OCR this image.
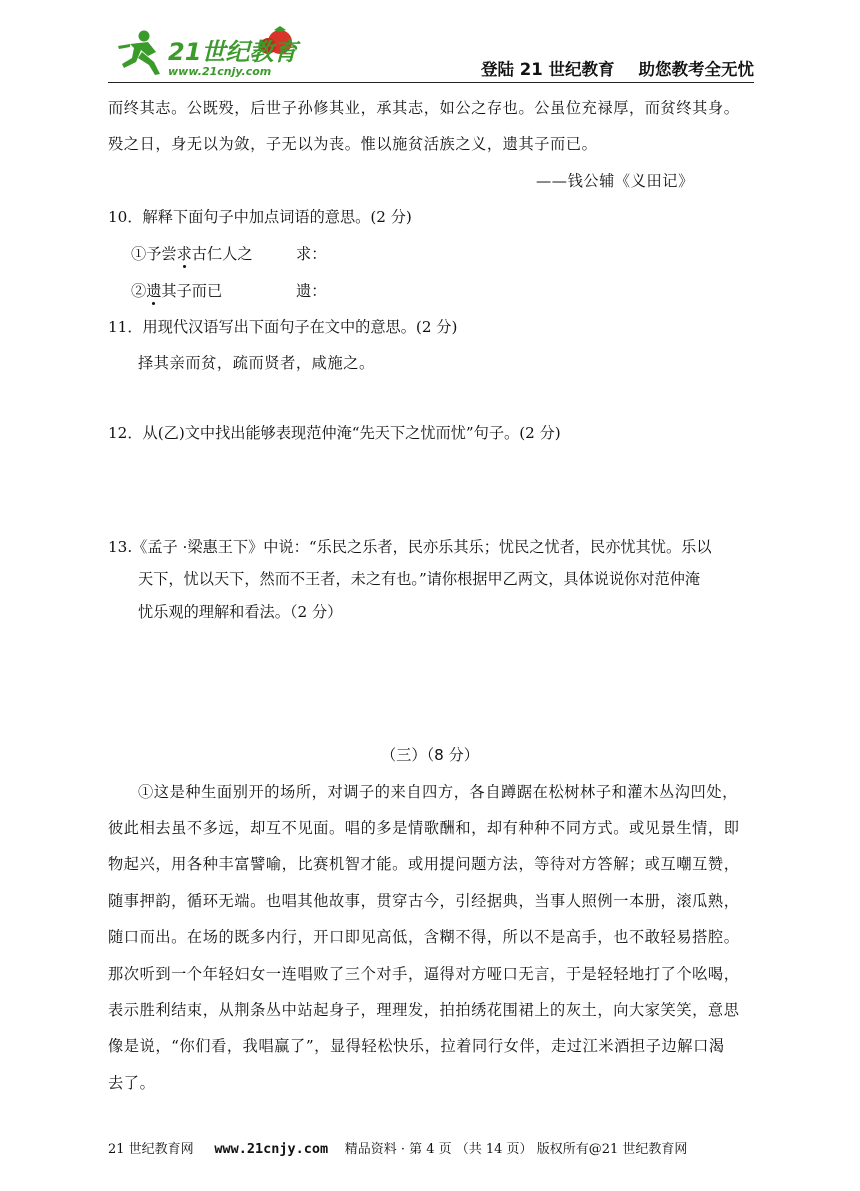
21世纪教育
www.21cnjy.com	登陆 21 世纪教育 助您教考全无忧
而终其志。公既殁，后世子孙修其业，承其志，如公之存也。公虽位充禄厚，而贫终其身。
殁之日，身无以为敛，子无以为丧。惟以施贫活族之义，遗其子而已。
——钱公辅《义田记》
10．解释下面句子中加点词语的意思。(2 分)
①予尝求古仁人之	求：
②遗其子而已	遗：
11．用现代汉语写出下面句子在文中的意思。(2 分)
择其亲而贫，疏而贤者，咸施之。
12．从(乙)文中找出能够表现范仲淹“先天下之忧而忧”句子。(2 分)
13.《孟子 ·梁惠王下》中说：“乐民之乐者，民亦乐其乐；忧民之忧者，民亦忧其忧。乐以
天下，忧以天下，然而不王者，未之有也。”请你根据甲乙两文，具体说说你对范仲淹
忧乐观的理解和看法。（2 分）
（三）（8 分）
①这是种生面别开的场所，对调子的来自四方，各自蹲踞在松树林子和灌木丛沟凹处，
彼此相去虽不多远，却互不见面。唱的多是情歌酬和，却有种种不同方式。或见景生情，即
物起兴，用各种丰富譬喻，比赛机智才能。或用提问题方法，等待对方答解；或互嘲互赞，
随事押韵，循环无端。也唱其他故事，贯穿古今，引经据典，当事人照例一本册，滚瓜熟，
随口而出。在场的既多内行，开口即见高低，含糊不得，所以不是高手，也不敢轻易搭腔。
那次听到一个年轻妇女一连唱败了三个对手，逼得对方哑口无言，于是轻轻地打了个吆喝，
表示胜利结束，从荆条丛中站起身子，理理发，拍拍绣花围裙上的灰土，向大家笑笑，意思
像是说，“你们看，我唱赢了”，显得轻松快乐，拉着同行女伴，走过江米酒担子边解口渴
去了。
21 世纪教育网 www.21cnjy.com 精品资料 · 第 4 页 （共 14 页） 版权所有@21 世纪教育网
